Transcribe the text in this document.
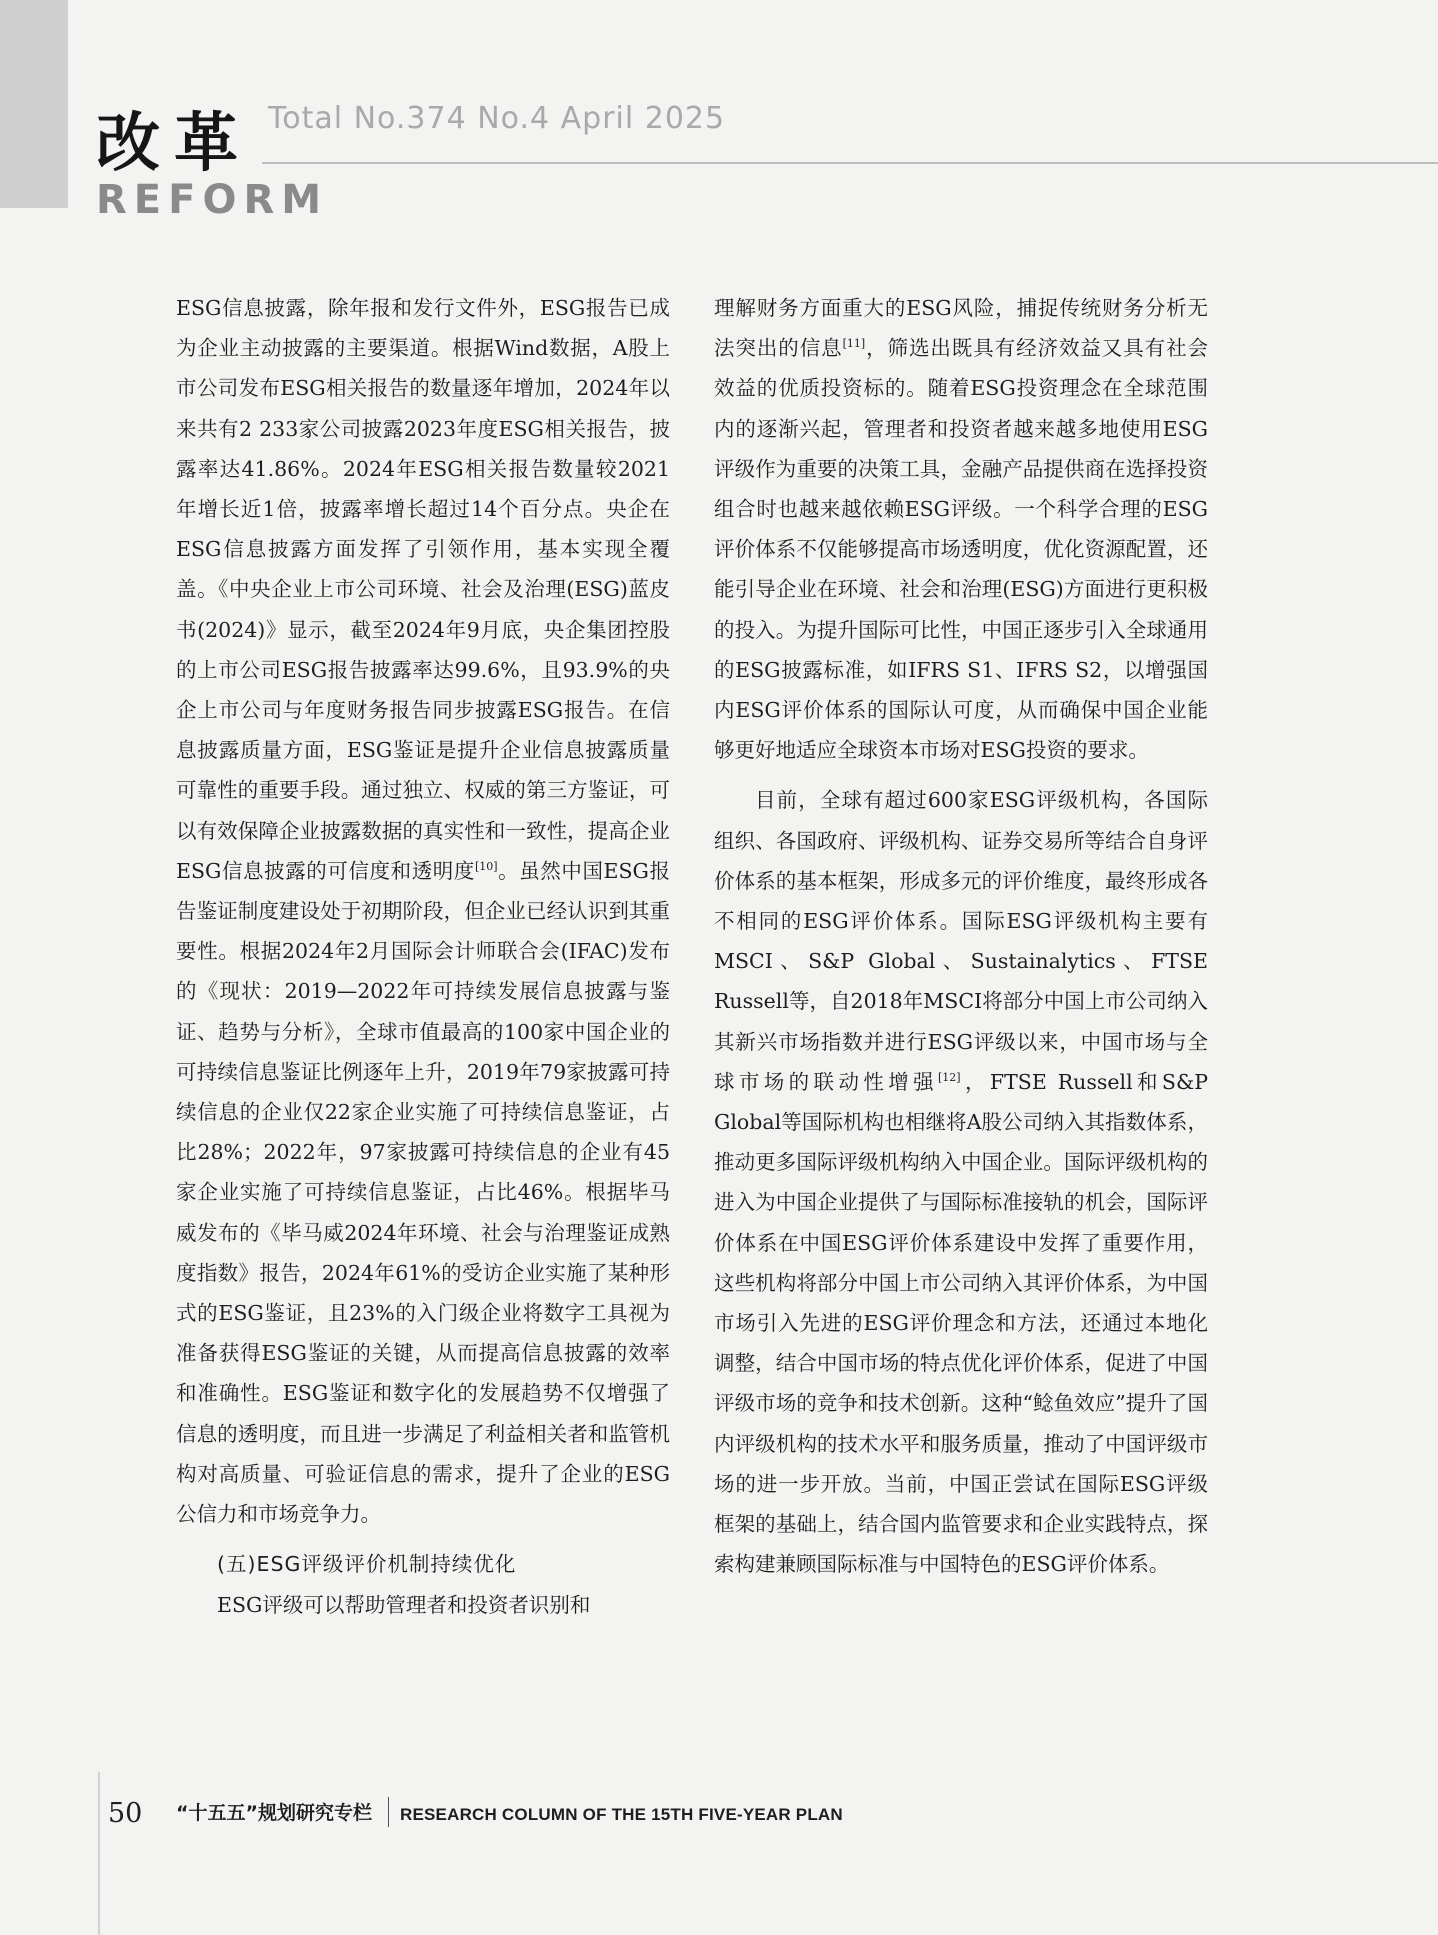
改革
REFORM
Total No.374 No.4 April 2025

ESG信息披露，除年报和发行文件外，ESG报告已成为企业主动披露的主要渠道。根据Wind数据，A股上市公司发布ESG相关报告的数量逐年增加，2024年以来共有2 233家公司披露2023年度ESG相关报告，披露率达41.86%。2024年ESG相关报告数量较2021年增长近1倍，披露率增长超过14个百分点。央企在ESG信息披露方面发挥了引领作用，基本实现全覆盖。《中央企业上市公司环境、社会及治理(ESG)蓝皮书(2024)》显示，截至2024年9月底，央企集团控股的上市公司ESG报告披露率达99.6%，且93.9%的央企上市公司与年度财务报告同步披露ESG报告。在信息披露质量方面，ESG鉴证是提升企业信息披露质量可靠性的重要手段。通过独立、权威的第三方鉴证，可以有效保障企业披露数据的真实性和一致性，提高企业ESG信息披露的可信度和透明度[10]。虽然中国ESG报告鉴证制度建设处于初期阶段，但企业已经认识到其重要性。根据2024年2月国际会计师联合会(IFAC)发布的《现状：2019—2022年可持续发展信息披露与鉴证、趋势与分析》，全球市值最高的100家中国企业的可持续信息鉴证比例逐年上升，2019年79家披露可持续信息的企业仅22家企业实施了可持续信息鉴证，占比28%；2022年，97家披露可持续信息的企业有45家企业实施了可持续信息鉴证，占比46%。根据毕马威发布的《毕马威2024年环境、社会与治理鉴证成熟度指数》报告，2024年61%的受访企业实施了某种形式的ESG鉴证，且23%的入门级企业将数字工具视为准备获得ESG鉴证的关键，从而提高信息披露的效率和准确性。ESG鉴证和数字化的发展趋势不仅增强了信息的透明度，而且进一步满足了利益相关者和监管机构对高质量、可验证信息的需求，提升了企业的ESG公信力和市场竞争力。

(五)ESG评级评价机制持续优化

ESG评级可以帮助管理者和投资者识别和

理解财务方面重大的ESG风险，捕捉传统财务分析无法突出的信息[11]，筛选出既具有经济效益又具有社会效益的优质投资标的。随着ESG投资理念在全球范围内的逐渐兴起，管理者和投资者越来越多地使用ESG评级作为重要的决策工具，金融产品提供商在选择投资组合时也越来越依赖ESG评级。一个科学合理的ESG评价体系不仅能够提高市场透明度，优化资源配置，还能引导企业在环境、社会和治理(ESG)方面进行更积极的投入。为提升国际可比性，中国正逐步引入全球通用的ESG披露标准，如IFRS S1、IFRS S2，以增强国内ESG评价体系的国际认可度，从而确保中国企业能够更好地适应全球资本市场对ESG投资的要求。

目前，全球有超过600家ESG评级机构，各国际组织、各国政府、评级机构、证券交易所等结合自身评价体系的基本框架，形成多元的评价维度，最终形成各不相同的ESG评价体系。国际ESG评级机构主要有MSCI、S&P Global、Sustainalytics、FTSE Russell等，自2018年MSCI将部分中国上市公司纳入其新兴市场指数并进行ESG评级以来，中国市场与全球市场的联动性增强[12]，FTSE Russell和S&P Global等国际机构也相继将A股公司纳入其指数体系，推动更多国际评级机构纳入中国企业。国际评级机构的进入为中国企业提供了与国际标准接轨的机会，国际评价体系在中国ESG评价体系建设中发挥了重要作用，这些机构将部分中国上市公司纳入其评价体系，为中国市场引入先进的ESG评价理念和方法，还通过本地化调整，结合中国市场的特点优化评价体系，促进了中国评级市场的竞争和技术创新。这种“鲶鱼效应”提升了国内评级机构的技术水平和服务质量，推动了中国评级市场的进一步开放。当前，中国正尝试在国际ESG评级框架的基础上，结合国内监管要求和企业实践特点，探索构建兼顾国际标准与中国特色的ESG评价体系。

50 “十五五”规划研究专栏 RESEARCH COLUMN OF THE 15TH FIVE-YEAR PLAN
